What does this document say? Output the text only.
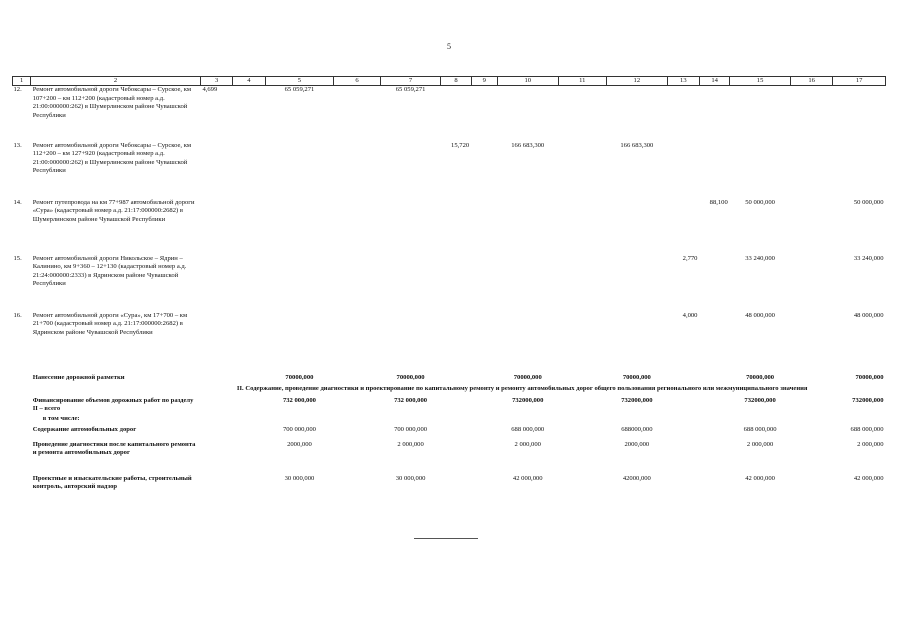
5
1	2	3	4	5	6	7	8	9	10	11	12	13	14	15	16	17
12.	Ремонт автомобильной дороги Чебоксары – Сурское, км 107+200 – км 112+200 (кадастровый номер а.д. 21:00:000000:262) в Шумерлинском районе Чувашской Республики	4,699		65 059,271		65 059,271										
13.	Ремонт автомобильной дороги Чебоксары – Сурское, км 112+200 – км 127+920 (кадастровый номер а.д. 21:00:000000:262) в Шумерлинском районе Чувашской Республики						15,720		166 683,300		166 683,300					
14.	Ремонт путепровода на км 77+987 автомобильной дороги «Сура» (кадастровый номер а.д. 21:17:000000:2682) в Шумерлинском районе Чувашской Республики												88,100	50 000,000		50 000,000
15.	Ремонт автомобильной дороги Никольское – Ядрин – Калинино, км 9+360 – 12+130 (кадастровый номер а.д. 21:24:000000:2333) в Ядринском районе Чувашской Республики											2,770		33 240,000		33 240,000
16.	Ремонт автомобильной дороги «Сура», км 17+700 – км 21+700 (кадастровый номер а.д. 21:17:000000:2682) в Ядринском районе Чувашской Республики											4,000		48 000,000		48 000,000
	Нанесение дорожной разметки			70000,000		70000,000			70000,000		70000,000			70000,000		70000,000
II. Содержание, проведение диагностики и проектирование по капитальному ремонту и ремонту автомобильных дорог общего пользования регионального или межмуниципального значения																
	Финансирование объемов дорожных работ по разделу II – всего			732 000,000		732 000,000			732000,000		732000,000			732000,000		732000,000
	в том числе:															
	Содержание автомобильных дорог			700 000,000		700 000,000			688 000,000		688000,000			688 000,000		688 000,000
	Проведение диагностики после капитального ремонта и ремонта автомобильных дорог			2000,000		2 000,000			2 000,000		2000,000			2 000,000		2 000,000
	Проектные и изыскательские работы, строительный контроль, авторский надзор			30 000,000		30 000,000			42 000,000		42000,000			42 000,000		42 000,000
